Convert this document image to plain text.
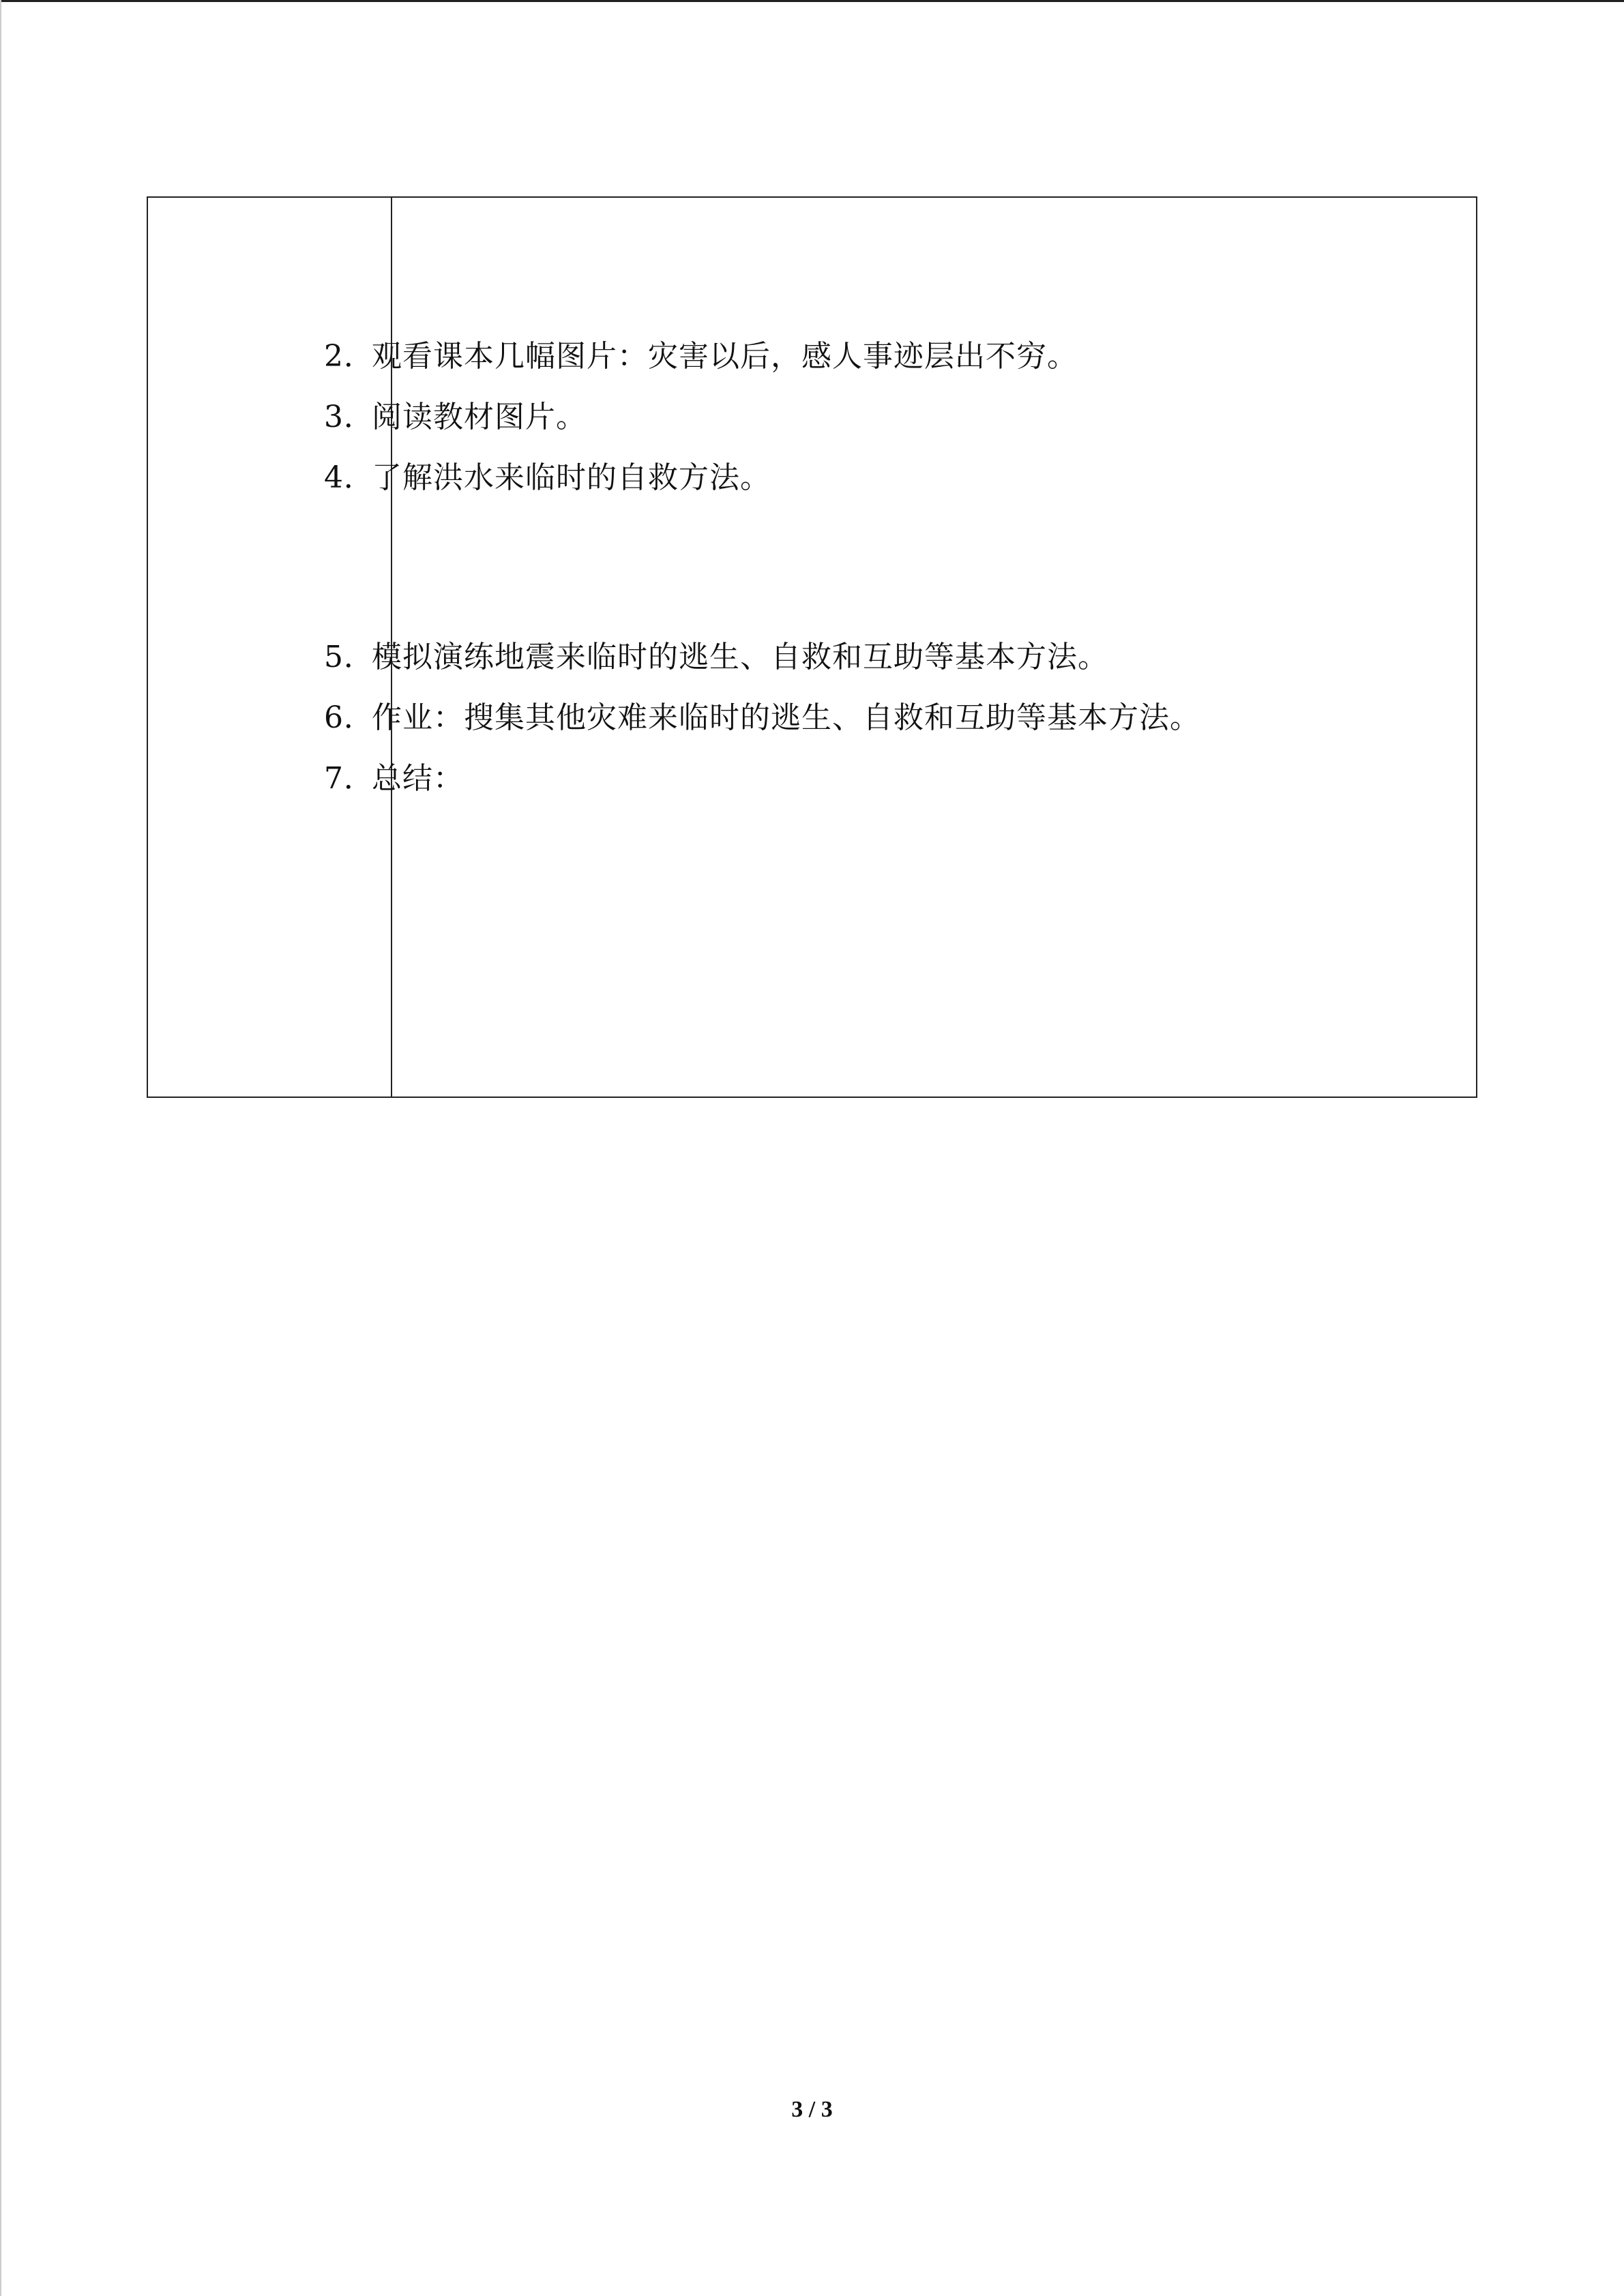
2．观看课本几幅图片：灾害以后，感人事迹层出不穷。
3．阅读教材图片。
4．了解洪水来临时的自救方法。
5．模拟演练地震来临时的逃生、自救和互助等基本方法。
6．作业：搜集其他灾难来临时的逃生、自救和互助等基本方法。
7．总结：
3 / 3
